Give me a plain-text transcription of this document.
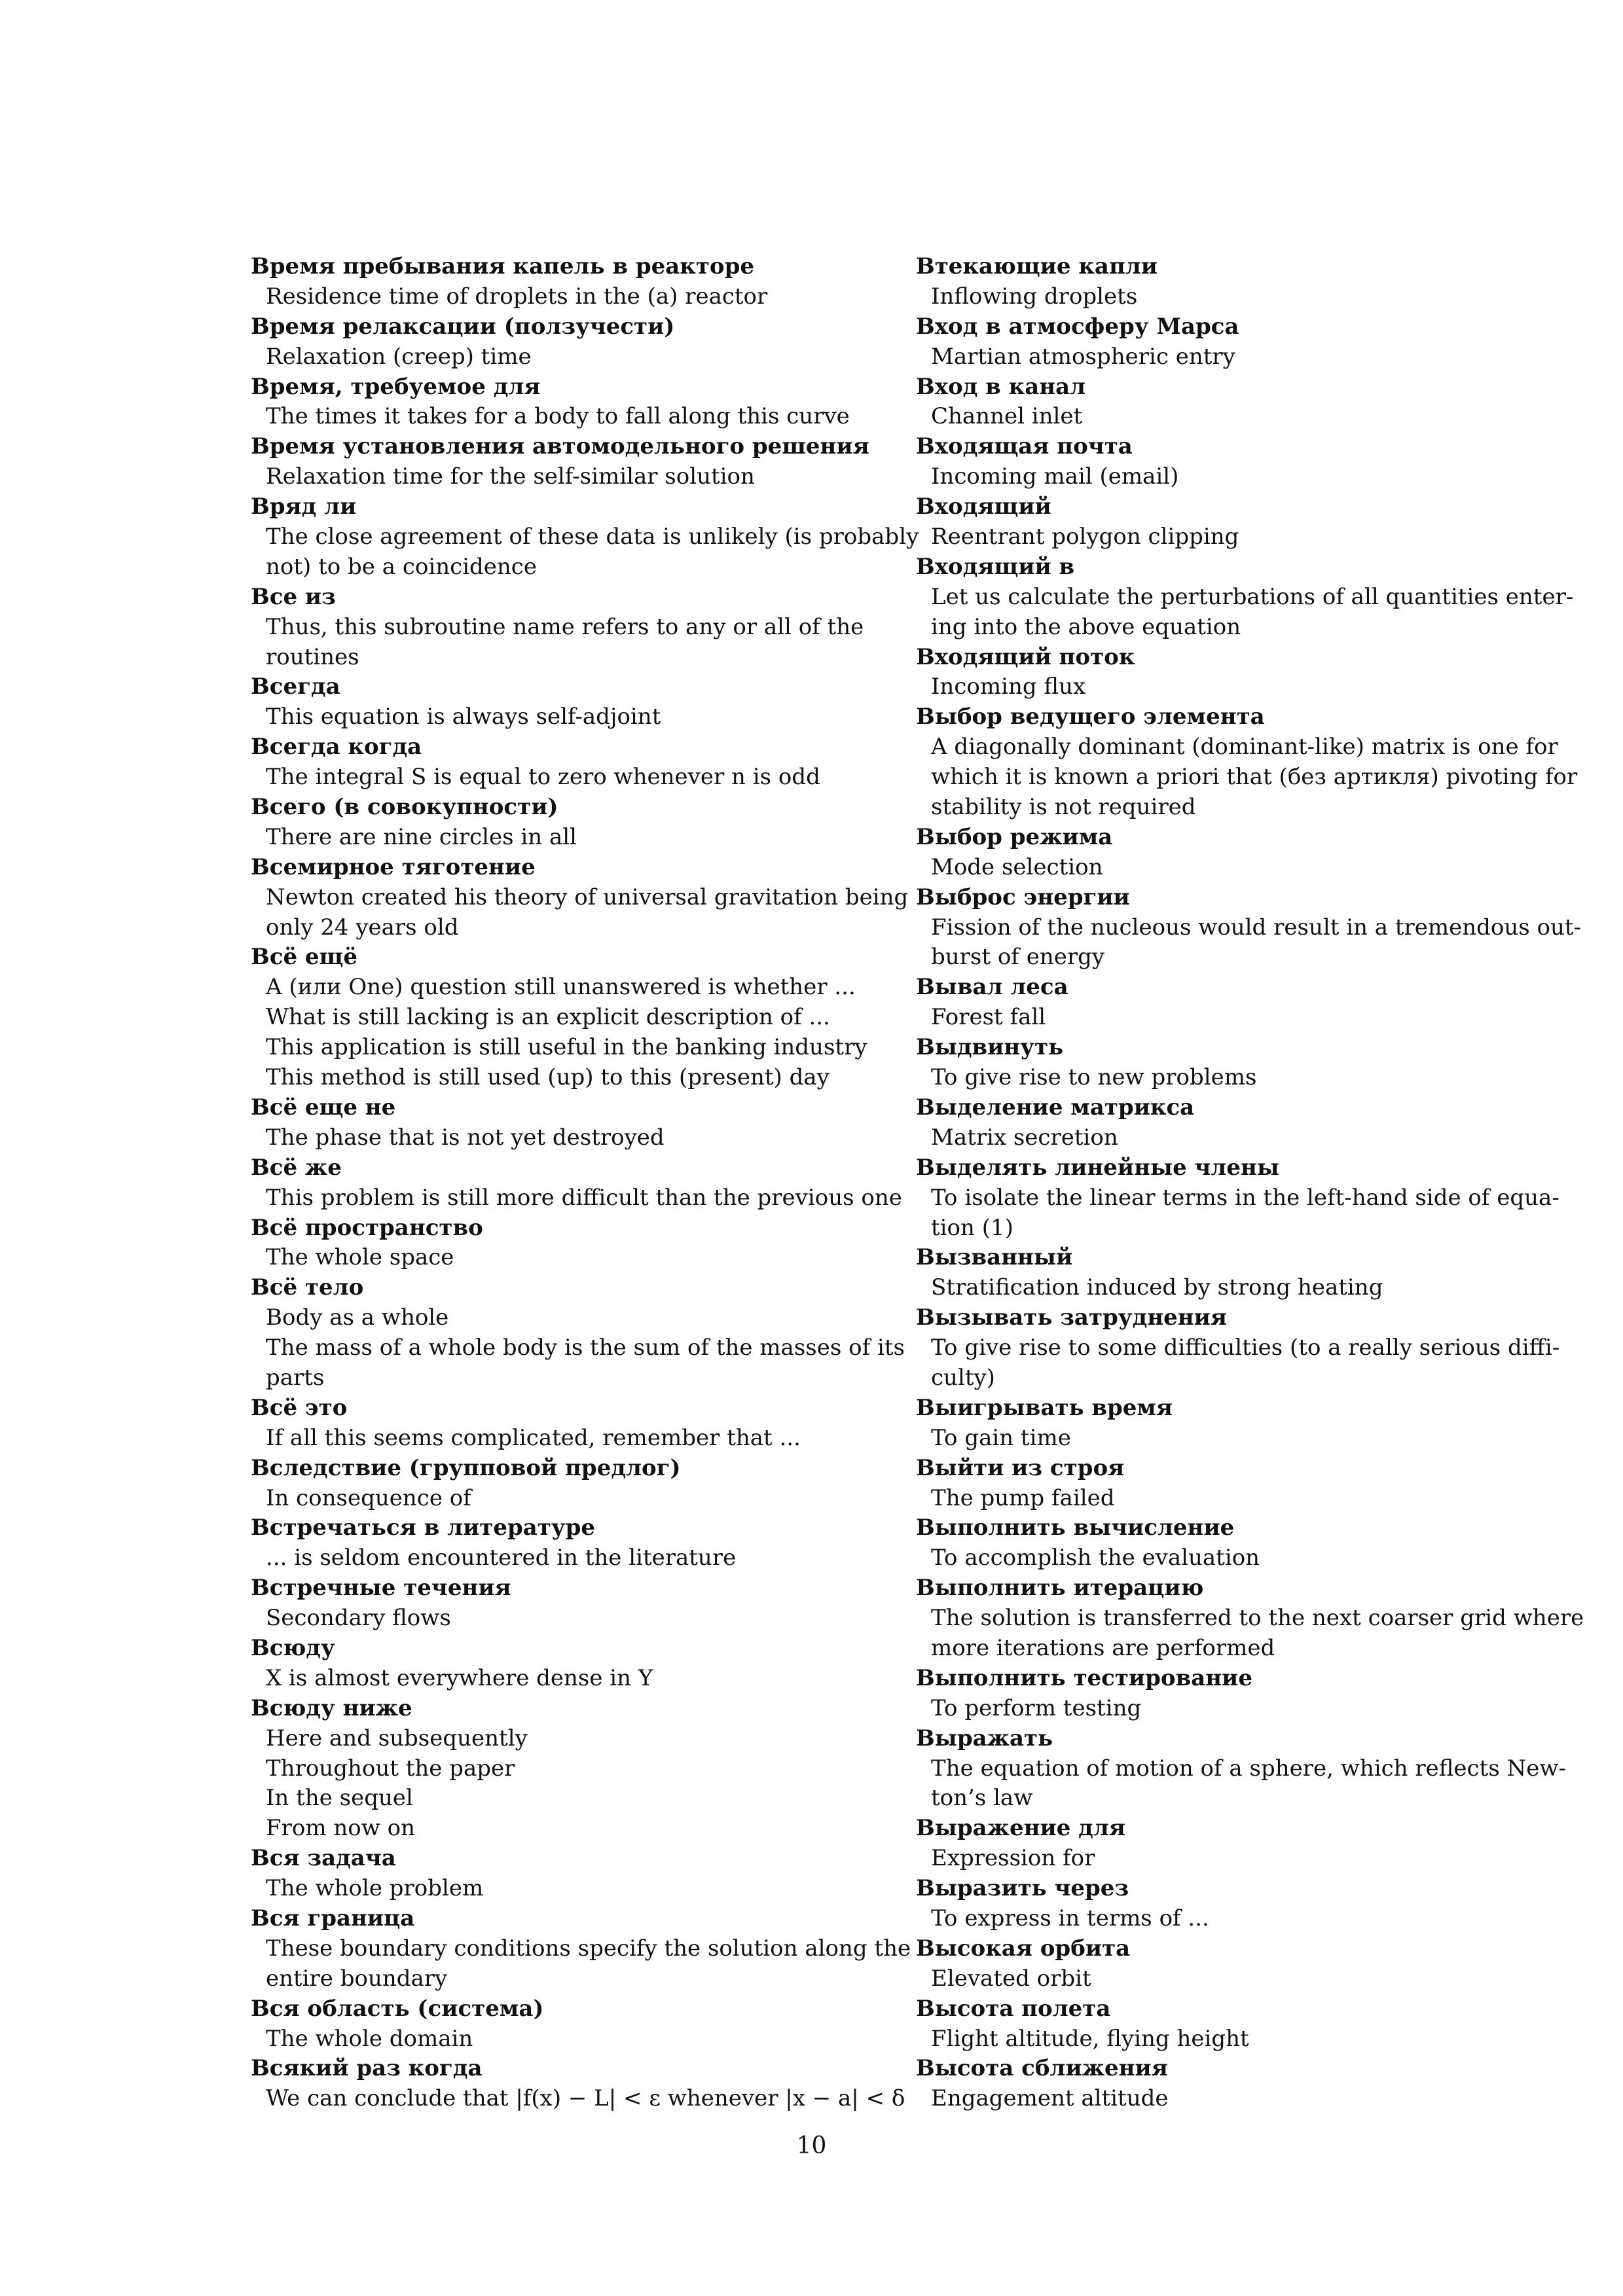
Время пребывания капель в реакторе
Residence time of droplets in the (a) reactor
Время релаксации (ползучести)
Relaxation (creep) time
Время, требуемое для
The times it takes for a body to fall along this curve
Время установления автомодельного решения
Relaxation time for the self-similar solution
Вряд ли
The close agreement of these data is unlikely (is probably
not) to be a coincidence
Все из
Thus, this subroutine name refers to any or all of the
routines
Всегда
This equation is always self-adjoint
Всегда когда
The integral S is equal to zero whenever n is odd
Всего (в совокупности)
There are nine circles in all
Всемирное тяготение
Newton created his theory of universal gravitation being
only 24 years old
Всё ещё
A (или One) question still unanswered is whether ...
What is still lacking is an explicit description of ...
This application is still useful in the banking industry
This method is still used (up) to this (present) day
Всё еще не
The phase that is not yet destroyed
Всё же
This problem is still more difficult than the previous one
Всё пространство
The whole space
Всё тело
Body as a whole
The mass of a whole body is the sum of the masses of its
parts
Всё это
If all this seems complicated, remember that ...
Вследствие (групповой предлог)
In consequence of
Встречаться в литературе
... is seldom encountered in the literature
Встречные течения
Secondary flows
Всюду
X is almost everywhere dense in Y
Всюду ниже
Here and subsequently
Throughout the paper
In the sequel
From now on
Вся задача
The whole problem
Вся граница
These boundary conditions specify the solution along the
entire boundary
Вся область (система)
The whole domain
Всякий раз когда
We can conclude that |f(x) − L| < ε whenever |x − a| < δ
Втекающие капли
Inflowing droplets
Вход в атмосферу Марса
Martian atmospheric entry
Вход в канал
Channel inlet
Входящая почта
Incoming mail (email)
Входящий
Reentrant polygon clipping
Входящий в
Let us calculate the perturbations of all quantities enter-
ing into the above equation
Входящий поток
Incoming flux
Выбор ведущего элемента
A diagonally dominant (dominant-like) matrix is one for
which it is known a priori that (без артикля) pivoting for
stability is not required
Выбор режима
Mode selection
Выброс энергии
Fission of the nucleous would result in a tremendous out-
burst of energy
Вывал леса
Forest fall
Выдвинуть
To give rise to new problems
Выделение матрикса
Matrix secretion
Выделять линейные члены
To isolate the linear terms in the left-hand side of equa-
tion (1)
Вызванный
Stratification induced by strong heating
Вызывать затруднения
To give rise to some difficulties (to a really serious diffi-
culty)
Выигрывать время
To gain time
Выйти из строя
The pump failed
Выполнить вычисление
To accomplish the evaluation
Выполнить итерацию
The solution is transferred to the next coarser grid where
more iterations are performed
Выполнить тестирование
To perform testing
Выражать
The equation of motion of a sphere, which reflects New-
ton’s law
Выражение для
Expression for
Выразить через
To express in terms of ...
Высокая орбита
Elevated orbit
Высота полета
Flight altitude, flying height
Высота сближения
Engagement altitude
10
